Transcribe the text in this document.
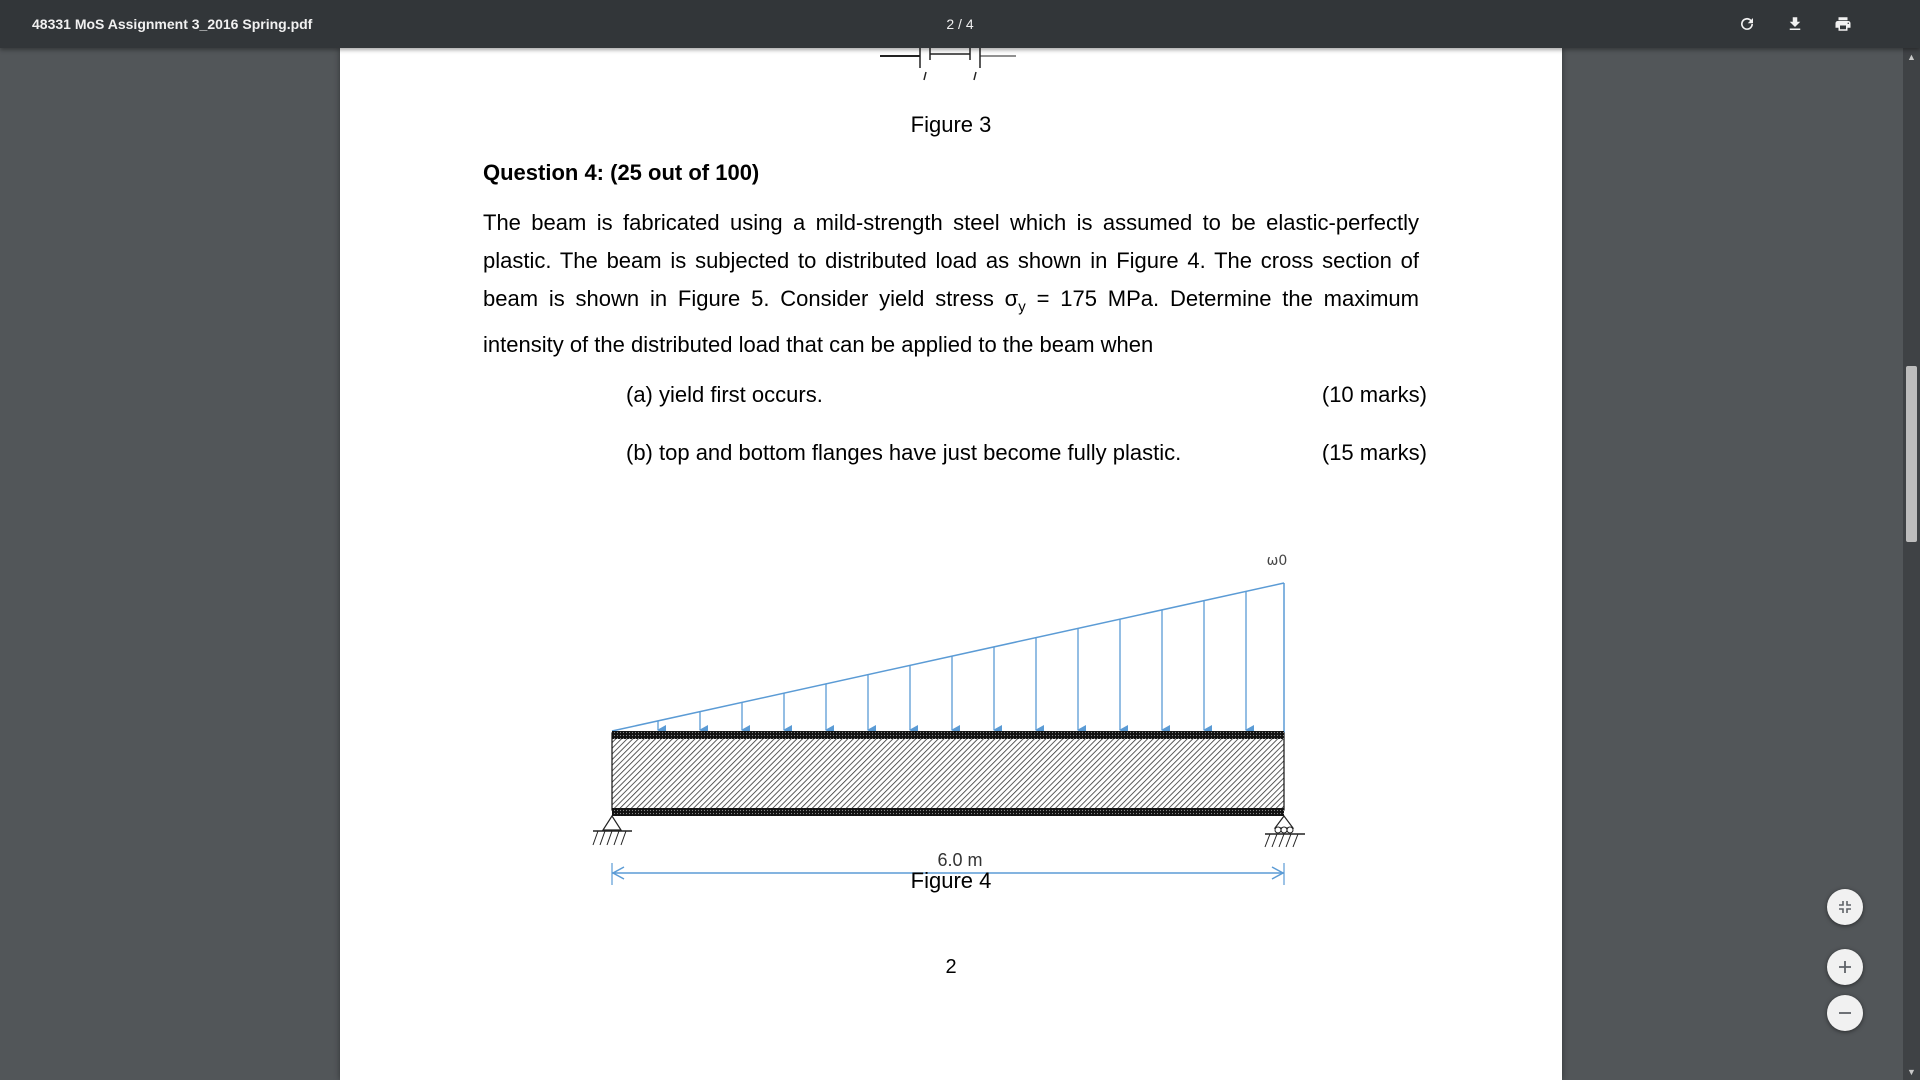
48331 MoS Assignment 3_2016 Spring.pdf	2 / 4
Figure 3
Question 4: (25 out of 100)
The beam is fabricated using a mild-strength steel which is assumed to be elastic-perfectly plastic. The beam is subjected to distributed load as shown in Figure 4. The cross section of beam is shown in Figure 5. Consider yield stress $\sigma_y = 175$ MPa. Determine the maximum intensity of the distributed load that can be applied to the beam when
(a) yield first occurs.	(10 marks)
(b) top and bottom flanges have just become fully plastic.	(15 marks)
ω0
6.0 m
Figure 4
2
▲
▼
